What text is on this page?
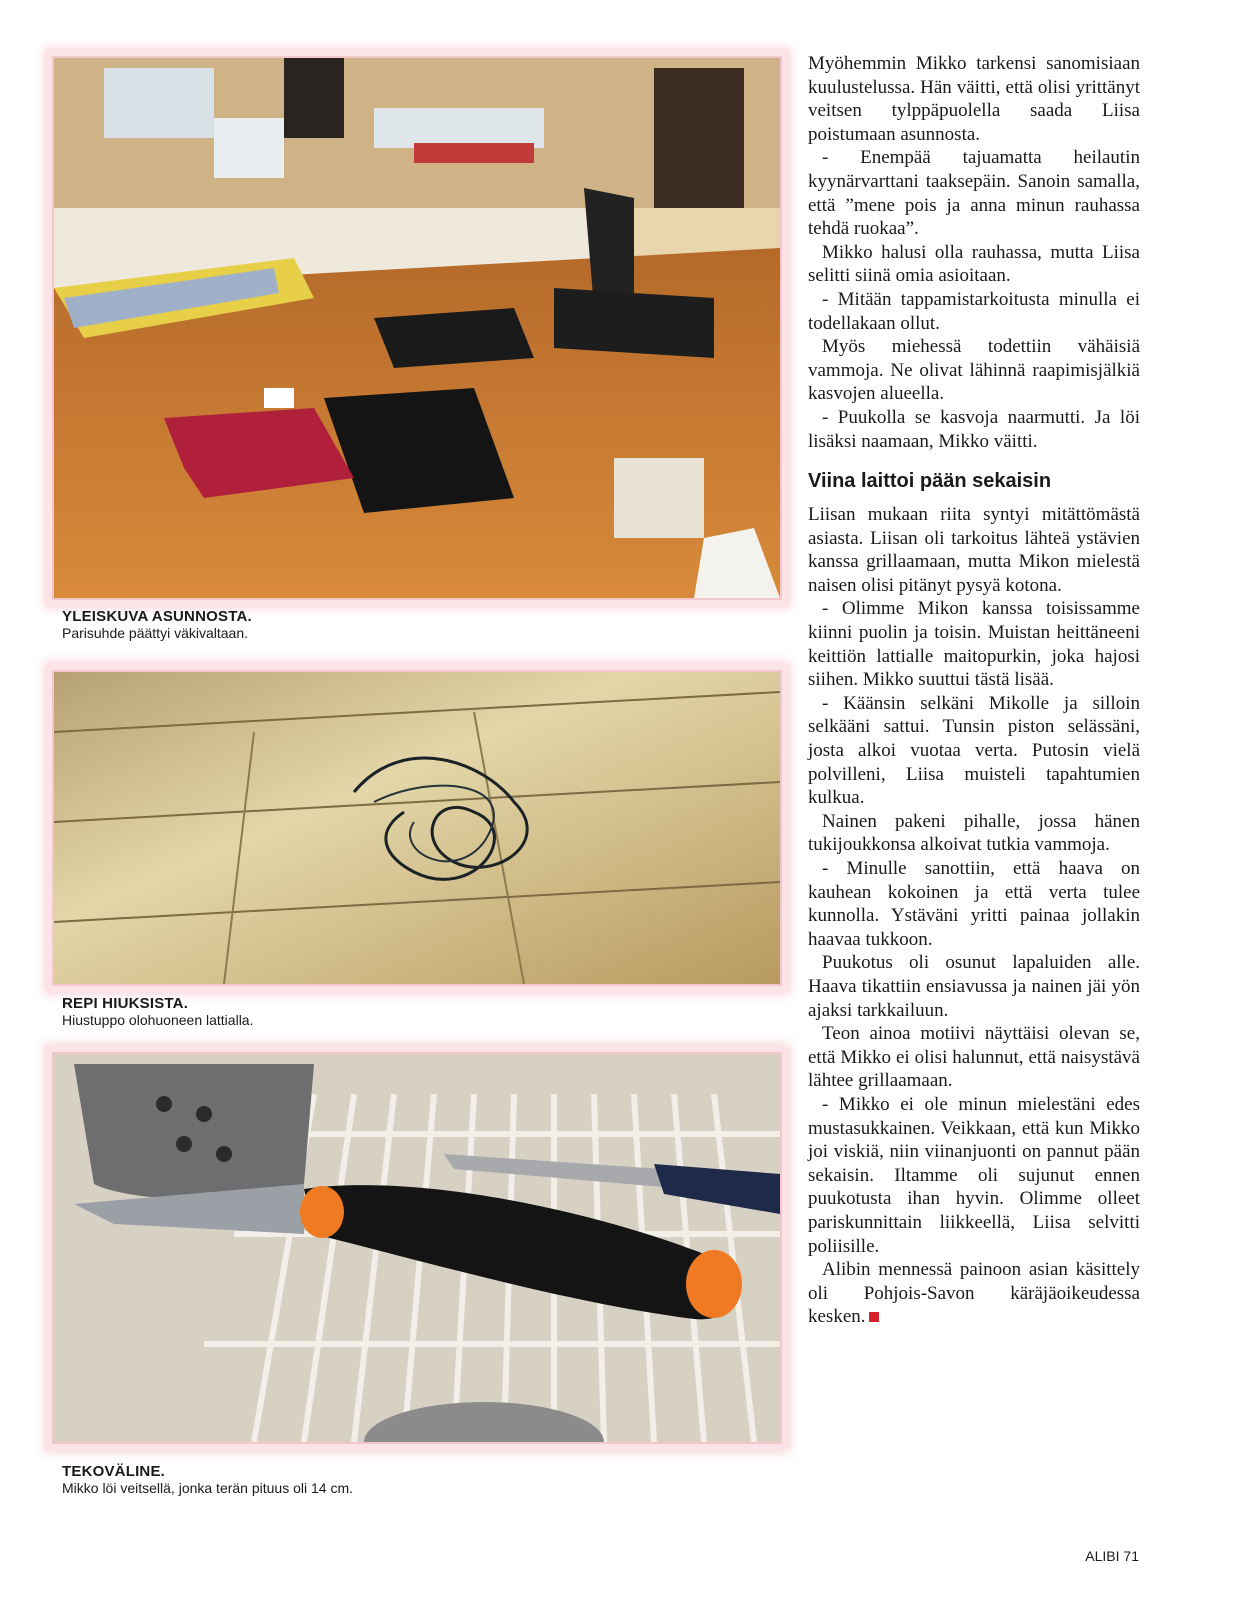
YLEISKUVA ASUNNOSTA.
Parisuhde päättyi väkivaltaan.
REPI HIUKSISTA.
Hiustuppo olohuoneen lattialla.
TEKOVÄLINE.
Mikko löi veitsellä, jonka terän pituus oli 14 cm.

Myöhemmin Mikko tarkensi sanomisiaan kuulustelussa. Hän väitti, että olisi yrittänyt veitsen tylppäpuolella saada Liisa poistumaan asunnosta.

- Enempää tajuamatta heilautin kyynärvarttani taaksepäin. Sanoin samalla, että ”mene pois ja anna minun rauhassa tehdä ruokaa”.

Mikko halusi olla rauhassa, mutta Liisa selitti siinä omia asioitaan.

- Mitään tappamistarkoitusta minulla ei todellakaan ollut.

Myös miehessä todettiin vähäisiä vammoja. Ne olivat lähinnä raapimisjälkiä kasvojen alueella.

- Puukolla se kasvoja naarmutti. Ja löi lisäksi naamaan, Mikko väitti.

Viina laittoi pään sekaisin

Liisan mukaan riita syntyi mitättömästä asiasta. Liisan oli tarkoitus lähteä ystävien kanssa grillaamaan, mutta Mikon mielestä naisen olisi pitänyt pysyä kotona.

- Olimme Mikon kanssa toisissamme kiinni puolin ja toisin. Muistan heittäneeni keittiön lattialle maitopurkin, joka hajosi siihen. Mikko suuttui tästä lisää.

- Käänsin selkäni Mikolle ja silloin selkääni sattui. Tunsin piston selässäni, josta alkoi vuotaa verta. Putosin vielä polvilleni, Liisa muisteli tapahtumien kulkua.

Nainen pakeni pihalle, jossa hänen tukijoukkonsa alkoivat tutkia vammoja.

- Minulle sanottiin, että haava on kauhean kokoinen ja että verta tulee kunnolla. Ystäväni yritti painaa jollakin haavaa tukkoon.

Puukotus oli osunut lapaluiden alle. Haava tikattiin ensiavussa ja nainen jäi yön ajaksi tarkkailuun.

Teon ainoa motiivi näyttäisi olevan se, että Mikko ei olisi halunnut, että naisystävä lähtee grillaamaan.

- Mikko ei ole minun mielestäni edes mustasukkainen. Veikkaan, että kun Mikko joi viskiä, niin viinanjuonti on pannut pään sekaisin. Iltamme oli sujunut ennen puukotusta ihan hyvin. Olimme olleet pariskunnittain liikkeellä, Liisa selvitti poliisille.

Alibin mennessä painoon asian käsittely oli Pohjois-Savon käräjäoikeudessa kesken.

ALIBI 71
